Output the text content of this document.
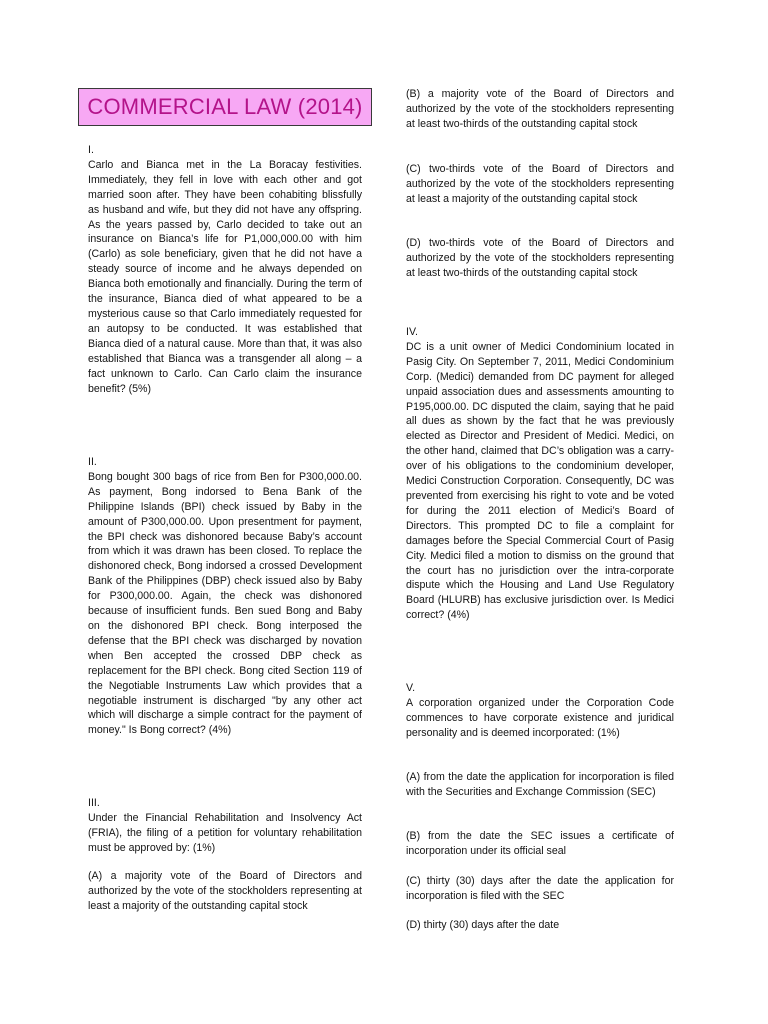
COMMERCIAL LAW (2014)

I.

Carlo and Bianca met in the La Boracay festivities. Immediately, they fell in love with each other and got married soon after. They have been cohabiting blissfully as husband and wife, but they did not have any offspring. As the years passed by, Carlo decided to take out an insurance on Bianca’s life for P1,000,000.00 with him (Carlo) as sole beneficiary, given that he did not have a steady source of income and he always depended on Bianca both emotionally and financially. During the term of the insurance, Bianca died of what appeared to be a mysterious cause so that Carlo immediately requested for an autopsy to be conducted. It was established that Bianca died of a natural cause. More than that, it was also established that Bianca was a transgender all along – a fact unknown to Carlo. Can Carlo claim the insurance benefit? (5%)

II.

Bong bought 300 bags of rice from Ben for P300,000.00. As payment, Bong indorsed to Bena Bank of the Philippine Islands (BPI) check issued by Baby in the amount of P300,000.00. Upon presentment for payment, the BPI check was dishonored because Baby’s account from which it was drawn has been closed. To replace the dishonored check, Bong indorsed a crossed Development Bank of the Philippines (DBP) check issued also by Baby for P300,000.00. Again, the check was dishonored because of insufficient funds. Ben sued Bong and Baby on the dishonored BPI check. Bong interposed the defense that the BPI check was discharged by novation when Ben accepted the crossed DBP check as replacement for the BPI check. Bong cited Section 119 of the Negotiable Instruments Law which provides that a negotiable instrument is discharged "by any other act which will discharge a simple contract for the payment of money." Is Bong correct? (4%)

III.

Under the Financial Rehabilitation and Insolvency Act (FRIA), the filing of a petition for voluntary rehabilitation must be approved by: (1%)

(A) a majority vote of the Board of Directors and authorized by the vote of the stockholders representing at least a majority of the outstanding capital stock

(B) a majority vote of the Board of Directors and authorized by the vote of the stockholders representing at least two-thirds of the outstanding capital stock

(C) two-thirds vote of the Board of Directors and authorized by the vote of the stockholders representing at least a majority of the outstanding capital stock

(D) two-thirds vote of the Board of Directors and authorized by the vote of the stockholders representing at least two-thirds of the outstanding capital stock

IV.

DC is a unit owner of Medici Condominium located in Pasig City. On September 7, 2011, Medici Condominium Corp. (Medici) demanded from DC payment for alleged unpaid association dues and assessments amounting to P195,000.00. DC disputed the claim, saying that he paid all dues as shown by the fact that he was previously elected as Director and President of Medici. Medici, on the other hand, claimed that DC’s obligation was a carry-over of his obligations to the condominium developer, Medici Construction Corporation. Consequently, DC was prevented from exercising his right to vote and be voted for during the 2011 election of Medici’s Board of Directors. This prompted DC to file a complaint for damages before the Special Commercial Court of Pasig City. Medici filed a motion to dismiss on the ground that the court has no jurisdiction over the intra-corporate dispute which the Housing and Land Use Regulatory Board (HLURB) has exclusive jurisdiction over. Is Medici correct? (4%)

V.

A corporation organized under the Corporation Code commences to have corporate existence and juridical personality and is deemed incorporated: (1%)

(A) from the date the application for incorporation is filed with the Securities and Exchange Commission (SEC)

(B) from the date the SEC issues a certificate of incorporation under its official seal

(C) thirty (30) days after the date the application for incorporation is filed with the SEC

(D) thirty (30) days after the date
